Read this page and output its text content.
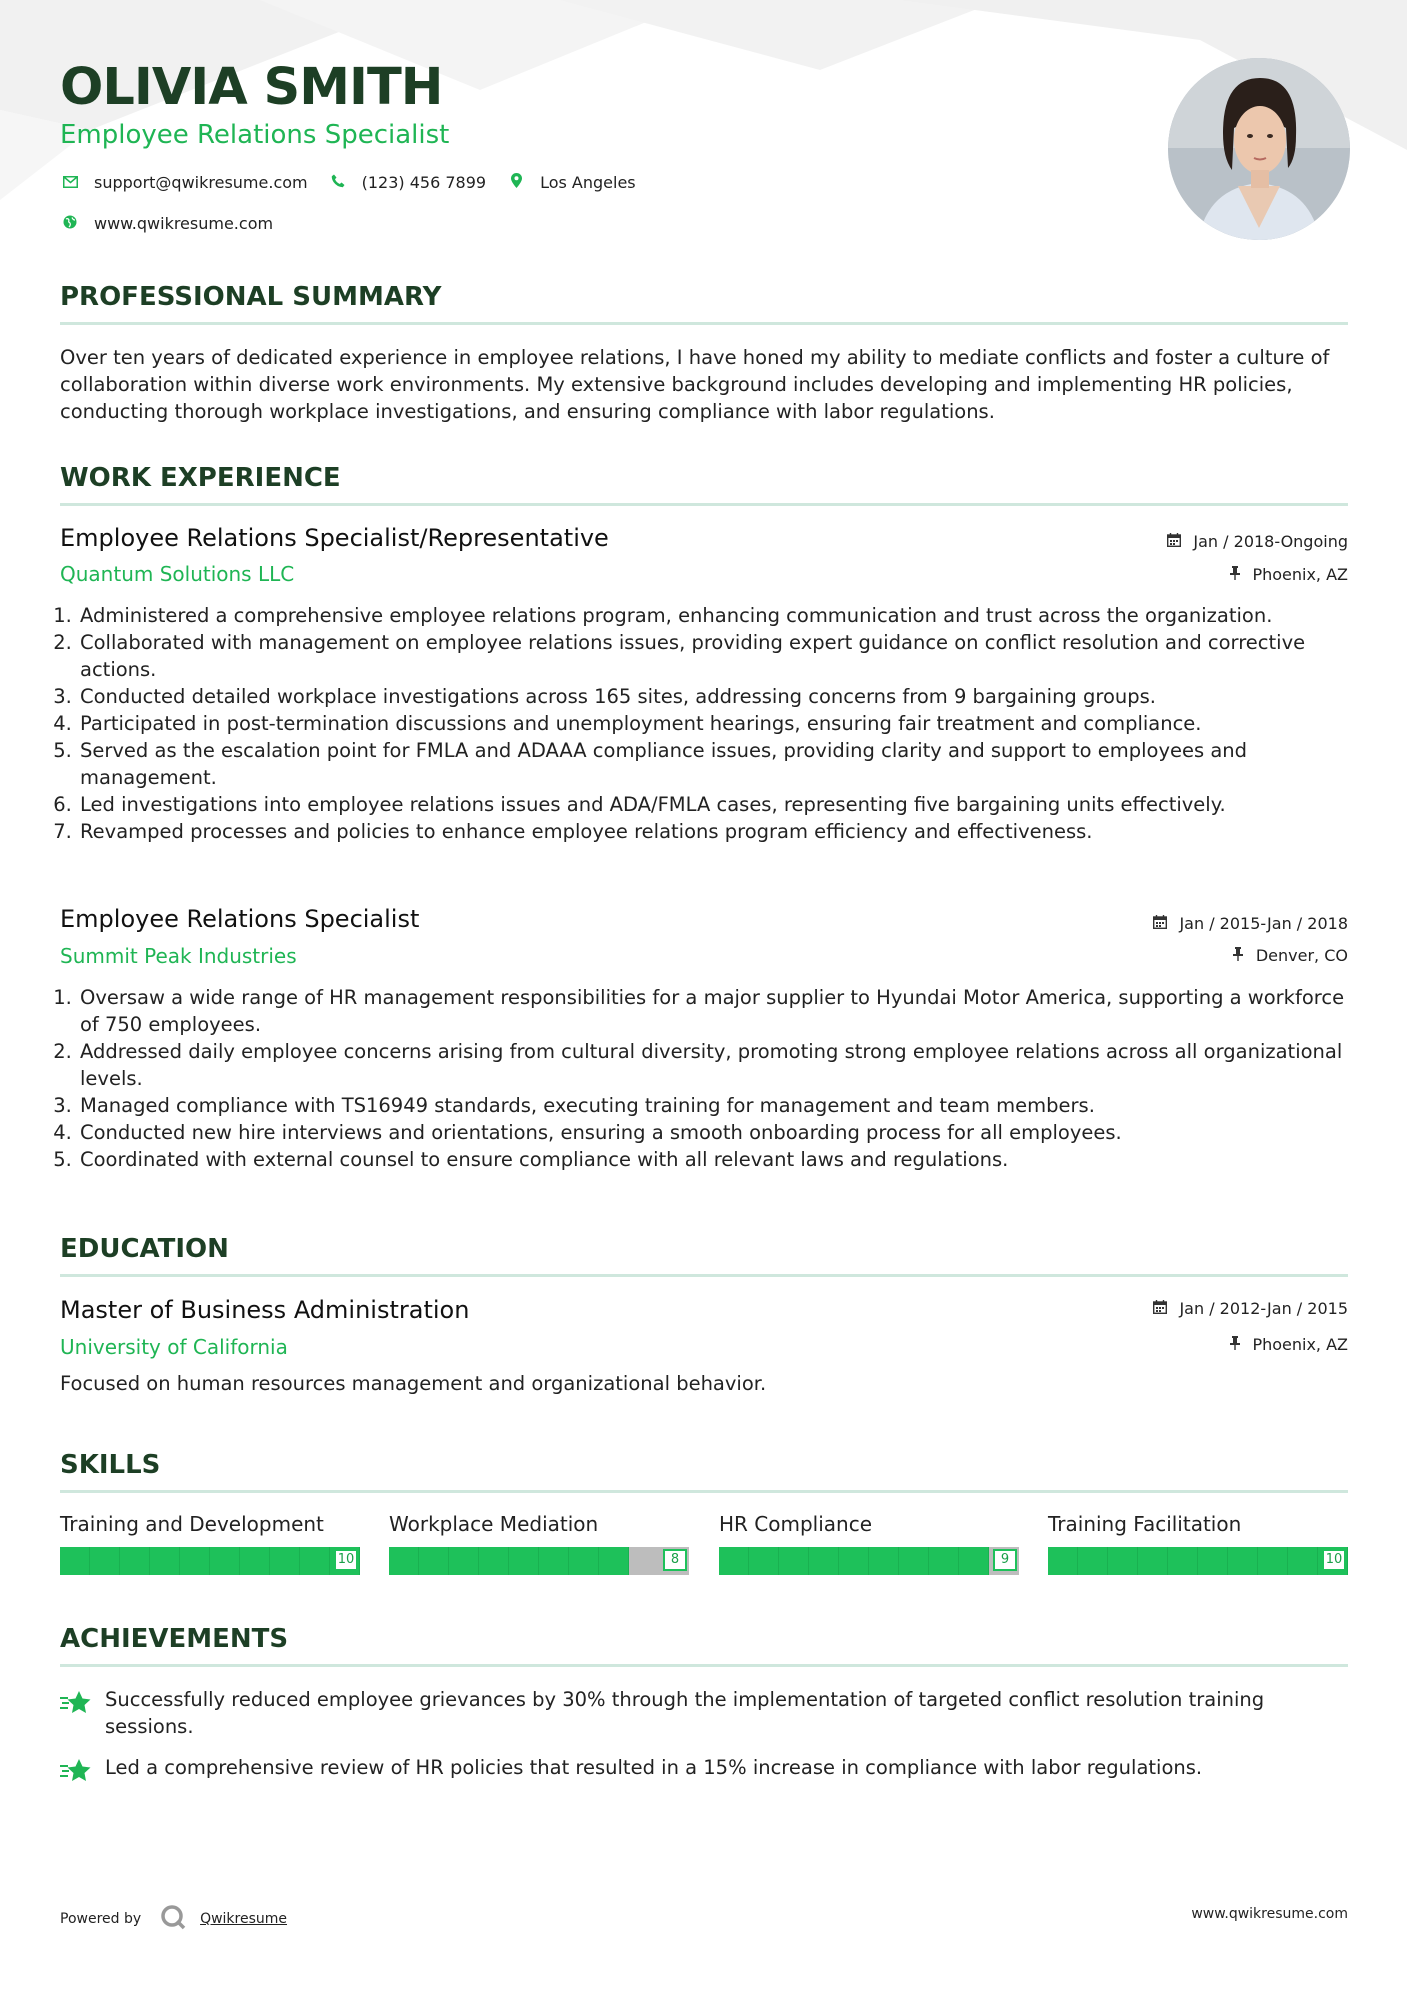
OLIVIA SMITH
Employee Relations Specialist
support@qwikresume.com	(123) 456 7899	Los Angeles
www.qwikresume.com
PROFESSIONAL SUMMARY
Over ten years of dedicated experience in employee relations, I have honed my ability to mediate conflicts and foster a culture of collaboration within diverse work environments. My extensive background includes developing and implementing HR policies, conducting thorough workplace investigations, and ensuring compliance with labor regulations.
WORK EXPERIENCE
Employee Relations Specialist/Representative
Quantum Solutions LLC
Jan / 2018-Ongoing
Phoenix, AZ
1. Administered a comprehensive employee relations program, enhancing communication and trust across the organization.
2. Collaborated with management on employee relations issues, providing expert guidance on conflict resolution and corrective actions.
3. Conducted detailed workplace investigations across 165 sites, addressing concerns from 9 bargaining groups.
4. Participated in post-termination discussions and unemployment hearings, ensuring fair treatment and compliance.
5. Served as the escalation point for FMLA and ADAAA compliance issues, providing clarity and support to employees and management.
6. Led investigations into employee relations issues and ADA/FMLA cases, representing five bargaining units effectively.
7. Revamped processes and policies to enhance employee relations program efficiency and effectiveness.
Employee Relations Specialist
Summit Peak Industries
Jan / 2015-Jan / 2018
Denver, CO
1. Oversaw a wide range of HR management responsibilities for a major supplier to Hyundai Motor America, supporting a workforce of 750 employees.
2. Addressed daily employee concerns arising from cultural diversity, promoting strong employee relations across all organizational levels.
3. Managed compliance with TS16949 standards, executing training for management and team members.
4. Conducted new hire interviews and orientations, ensuring a smooth onboarding process for all employees.
5. Coordinated with external counsel to ensure compliance with all relevant laws and regulations.
EDUCATION
Master of Business Administration
University of California
Jan / 2012-Jan / 2015
Phoenix, AZ
Focused on human resources management and organizational behavior.
SKILLS
Training and Development
10
Workplace Mediation
8
HR Compliance
9
Training Facilitation
10
ACHIEVEMENTS
Successfully reduced employee grievances by 30% through the implementation of targeted conflict resolution training sessions.
Led a comprehensive review of HR policies that resulted in a 15% increase in compliance with labor regulations.
Powered by	Qwikresume	www.qwikresume.com
